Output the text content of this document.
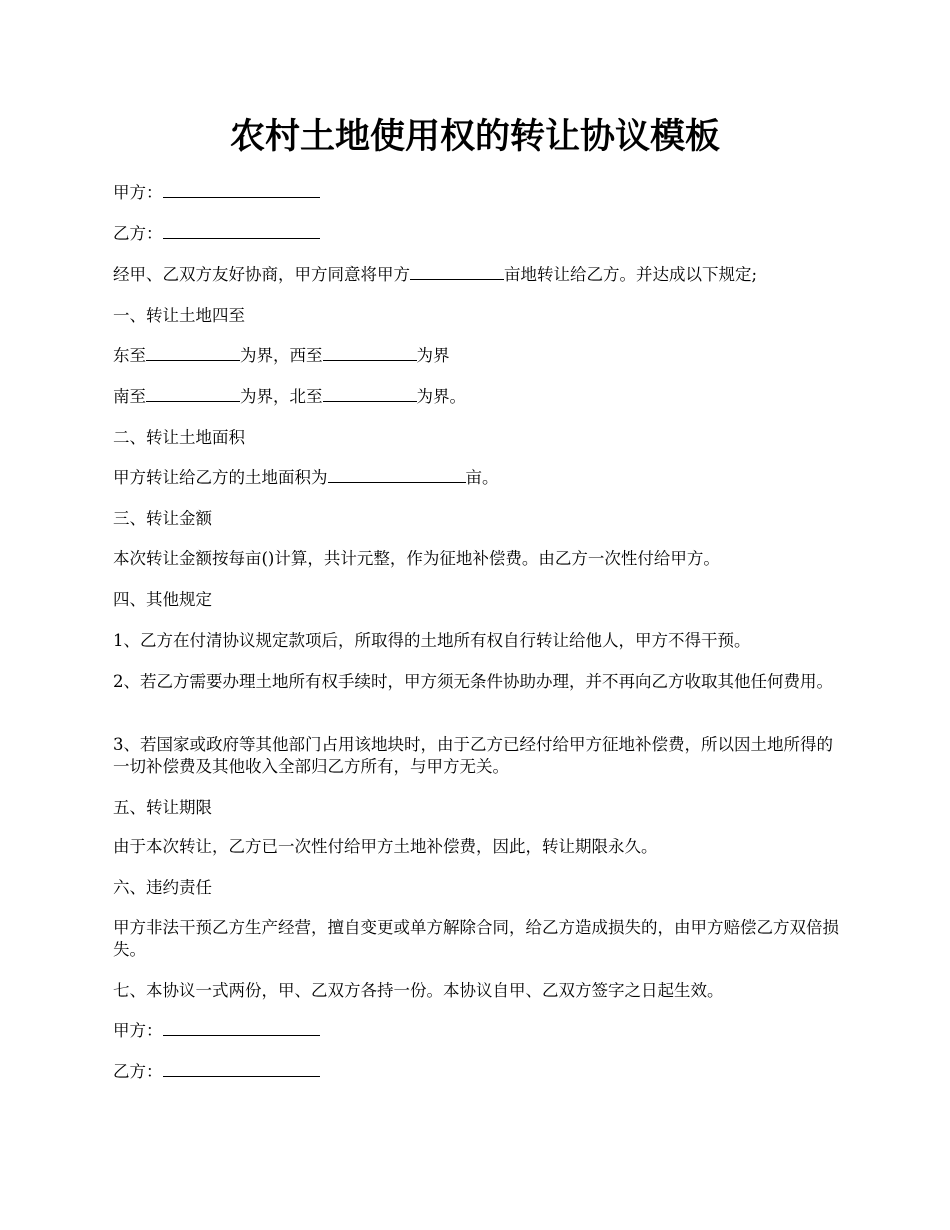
农村土地使用权的转让协议模板

甲方：

乙方：

经甲、乙双方友好协商，甲方同意将甲方	亩地转让给乙方。并达成以下规定;

一、转让土地四至

东至	为界，西至	为界

南至	为界，北至	为界。

二、转让土地面积

甲方转让给乙方的土地面积为	亩。

三、转让金额

本次转让金额按每亩()计算，共计元整，作为征地补偿费。由乙方一次性付给甲方。

四、其他规定

1、乙方在付清协议规定款项后，所取得的土地所有权自行转让给他人，甲方不得干预。

2、若乙方需要办理土地所有权手续时，甲方须无条件协助办理，并不再向乙方收取其他任何费用。

3、若国家或政府等其他部门占用该地块时，由于乙方已经付给甲方征地补偿费，所以因土地所得的一切补偿费及其他收入全部归乙方所有，与甲方无关。

五、转让期限

由于本次转让，乙方已一次性付给甲方土地补偿费，因此，转让期限永久。

六、违约责任

甲方非法干预乙方生产经营，擅自变更或单方解除合同，给乙方造成损失的，由甲方赔偿乙方双倍损失。

七、本协议一式两份，甲、乙双方各持一份。本协议自甲、乙双方签字之日起生效。

甲方：

乙方：
